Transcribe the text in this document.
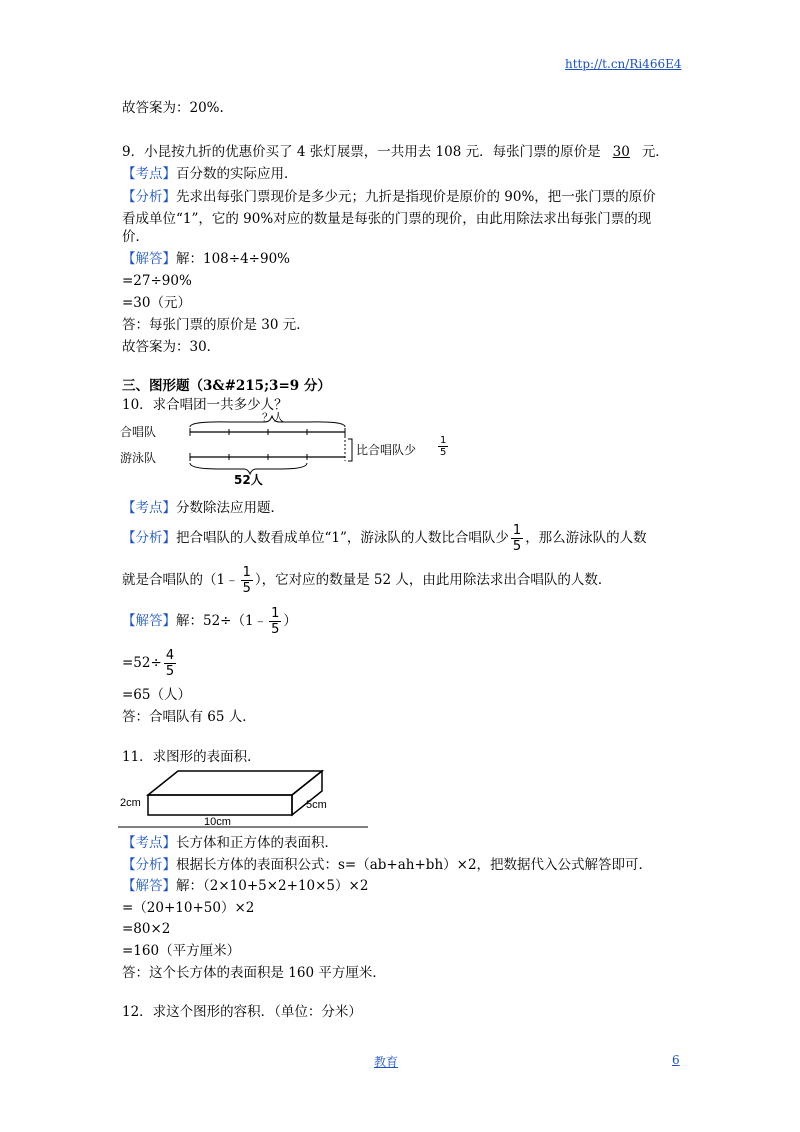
http://t.cn/Ri466E4
故答案为：20%.
9．小昆按九折的优惠价买了 4 张灯展票，一共用去 108 元．每张门票的原价是 30 元．
【考点】百分数的实际应用．
【分析】先求出每张门票现价是多少元；九折是指现价是原价的 90%，把一张门票的原价
看成单位“1”，它的 90%对应的数量是每张的门票的现价，由此用除法求出每张门票的现
价．
【解答】解：108÷4÷90%
=27÷90%
=30（元）
答：每张门票的原价是 30 元．
故答案为：30．
三、图形题（3&#215;3=9 分）
10．求合唱团一共多少人？
合唱队
游泳队
？人
比合唱队少 $\frac{1}{5}$
52人
【考点】分数除法应用题．
【分析】把合唱队的人数看成单位“1”，游泳队的人数比合唱队少 $\frac{1}{5}$ ，那么游泳队的人数
就是合唱队的（1﹣ $\frac{1}{5}$ ），它对应的数量是 52 人，由此用除法求出合唱队的人数．
【解答】解：52÷（1﹣ $\frac{1}{5}$ ）
$=52\div \frac{4}{5}$
=65（人）
答：合唱队有 65 人．
11．求图形的表面积．
2cm	5cm
10cm
【考点】长方体和正方体的表面积．
【分析】根据长方体的表面积公式：s=（ab+ah+bh）×2，把数据代入公式解答即可．
【解答】解：（2×10+5×2+10×5）×2
=（20+10+50）×2
=80×2
=160（平方厘米）
答：这个长方体的表面积是 160 平方厘米．
12．求这个图形的容积．（单位：分米）
教育	6
